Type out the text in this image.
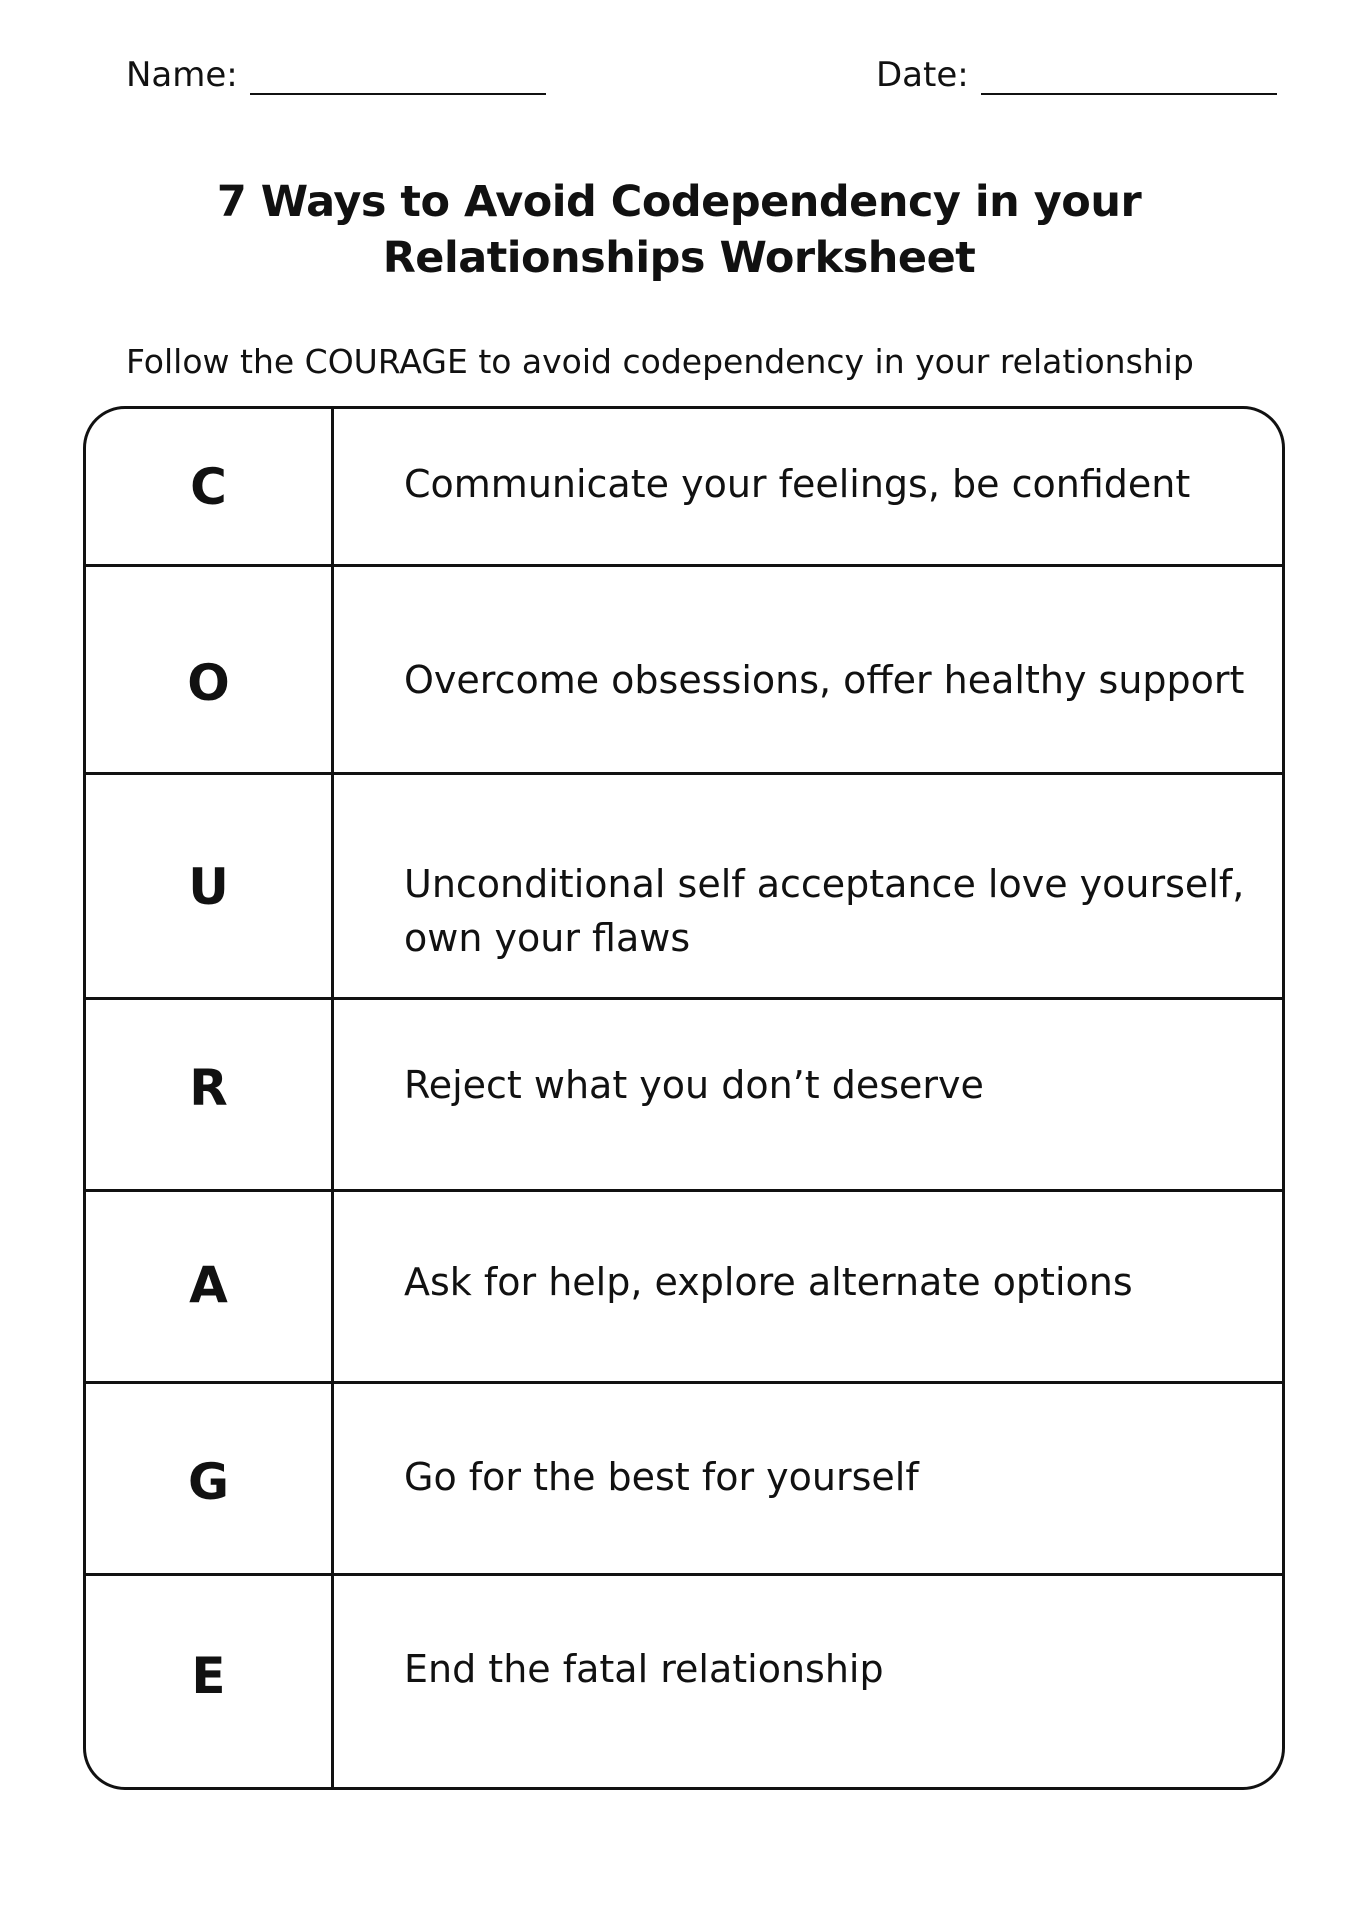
Name:	Date:
7 Ways to Avoid Codependency in your
Relationships Worksheet
Follow the COURAGE to avoid codependency in your relationship
C	Communicate your feelings, be confident
O	Overcome obsessions, offer healthy support
U	Unconditional self acceptance love yourself,
own your flaws
R	Reject what you don’t deserve
A	Ask for help, explore alternate options
G	Go for the best for yourself
E	End the fatal relationship
